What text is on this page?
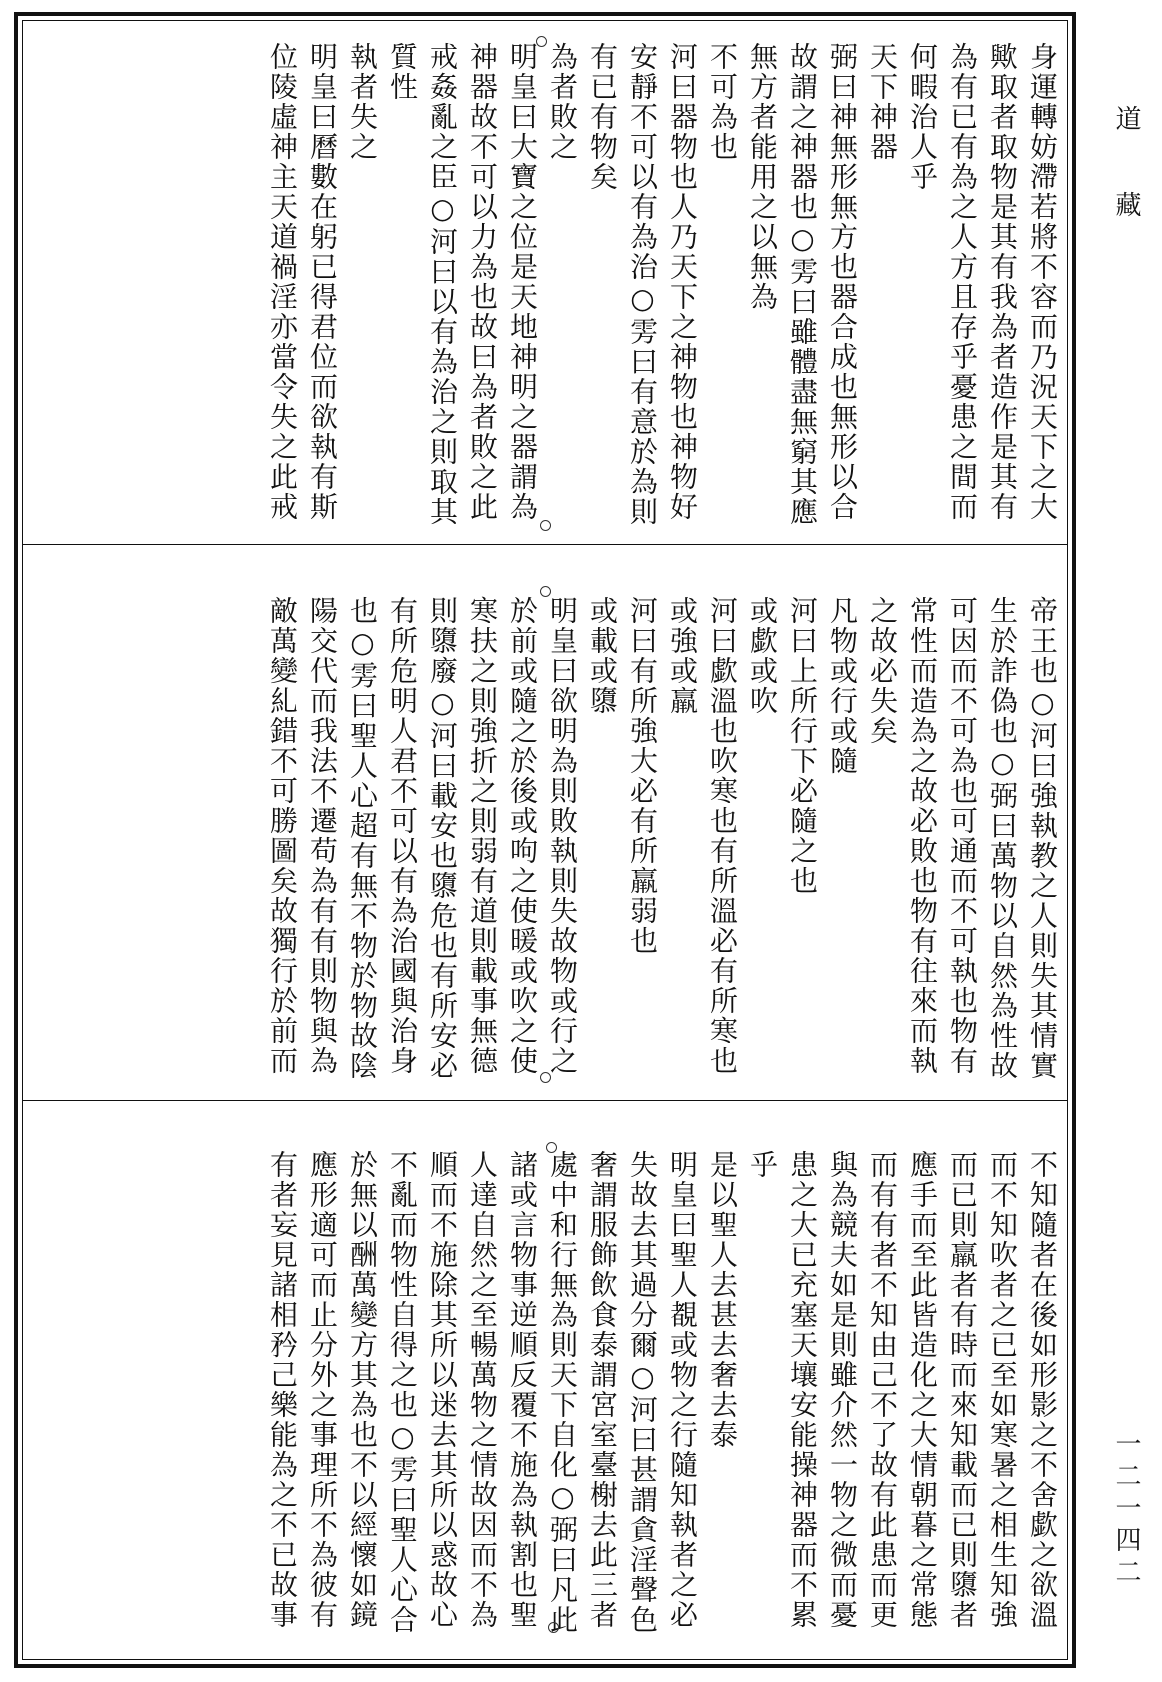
道藏
一二一四二
身運轉妨滯若將不容而乃況天下之大
歟取者取物是其有我為者造作是其有
為有已有為之人方且存乎憂患之間而
何暇治人乎
天下神器
弼曰神無形無方也器合成也無形以合
故謂之神器也○雱曰雖體盡無窮其應
無方者能用之以無為
不可為也
河曰器物也人乃天下之神物也神物好
安靜不可以有為治○雱曰有意於為則
有已有物矣
為者敗之
明皇曰大寶之位是天地神明之器謂為
神器故不可以力為也故曰為者敗之此
戒姦亂之臣○河曰以有為治之則取其
質性
執者失之
明皇曰曆數在躬已得君位而欲執有斯
位陵虛神主天道禍淫亦當令失之此戒
帝王也○河曰強執教之人則失其情實
生於詐偽也○弼曰萬物以自然為性故
可因而不可為也可通而不可執也物有
常性而造為之故必敗也物有往來而執
之故必失矣
凡物或行或隨
河曰上所行下必隨之也
或歔或吹
河曰歔溫也吹寒也有所溫必有所寒也
或強或羸
河曰有所強大必有所羸弱也
或載或隳
明皇曰欲明為則敗執則失故物或行之
於前或隨之於後或呴之使暖或吹之使
寒扶之則強折之則弱有道則載事無德
則隳廢○河曰載安也隳危也有所安必
有所危明人君不可以有為治國與治身
也○雱曰聖人心超有無不物於物故陰
陽交代而我法不遷苟為有有則物與為
敵萬變糺錯不可勝圖矣故獨行於前而
不知隨者在後如形影之不舍歔之欲溫
而不知吹者之已至如寒暑之相生知強
而已則羸者有時而來知載而已則隳者
應手而至此皆造化之大情朝暮之常態
而有有者不知由己不了故有此患而更
與為競夫如是則雖介然一物之微而憂
患之大已充塞天壤安能操神器而不累
乎
是以聖人去甚去奢去泰
明皇曰聖人覩或物之行隨知執者之必
失故去其過分爾○河曰甚謂貪淫聲色
奢謂服飾飲食泰謂宮室臺榭去此三者
處中和行無為則天下自化○弼曰凡此
諸或言物事逆順反覆不施為執割也聖
人達自然之至暢萬物之情故因而不為
順而不施除其所以迷去其所以惑故心
不亂而物性自得之也○雱曰聖人心合
於無以酬萬變方其為也不以經懷如鏡
應形適可而止分外之事理所不為彼有
有者妄見諸相矜己樂能為之不已故事
